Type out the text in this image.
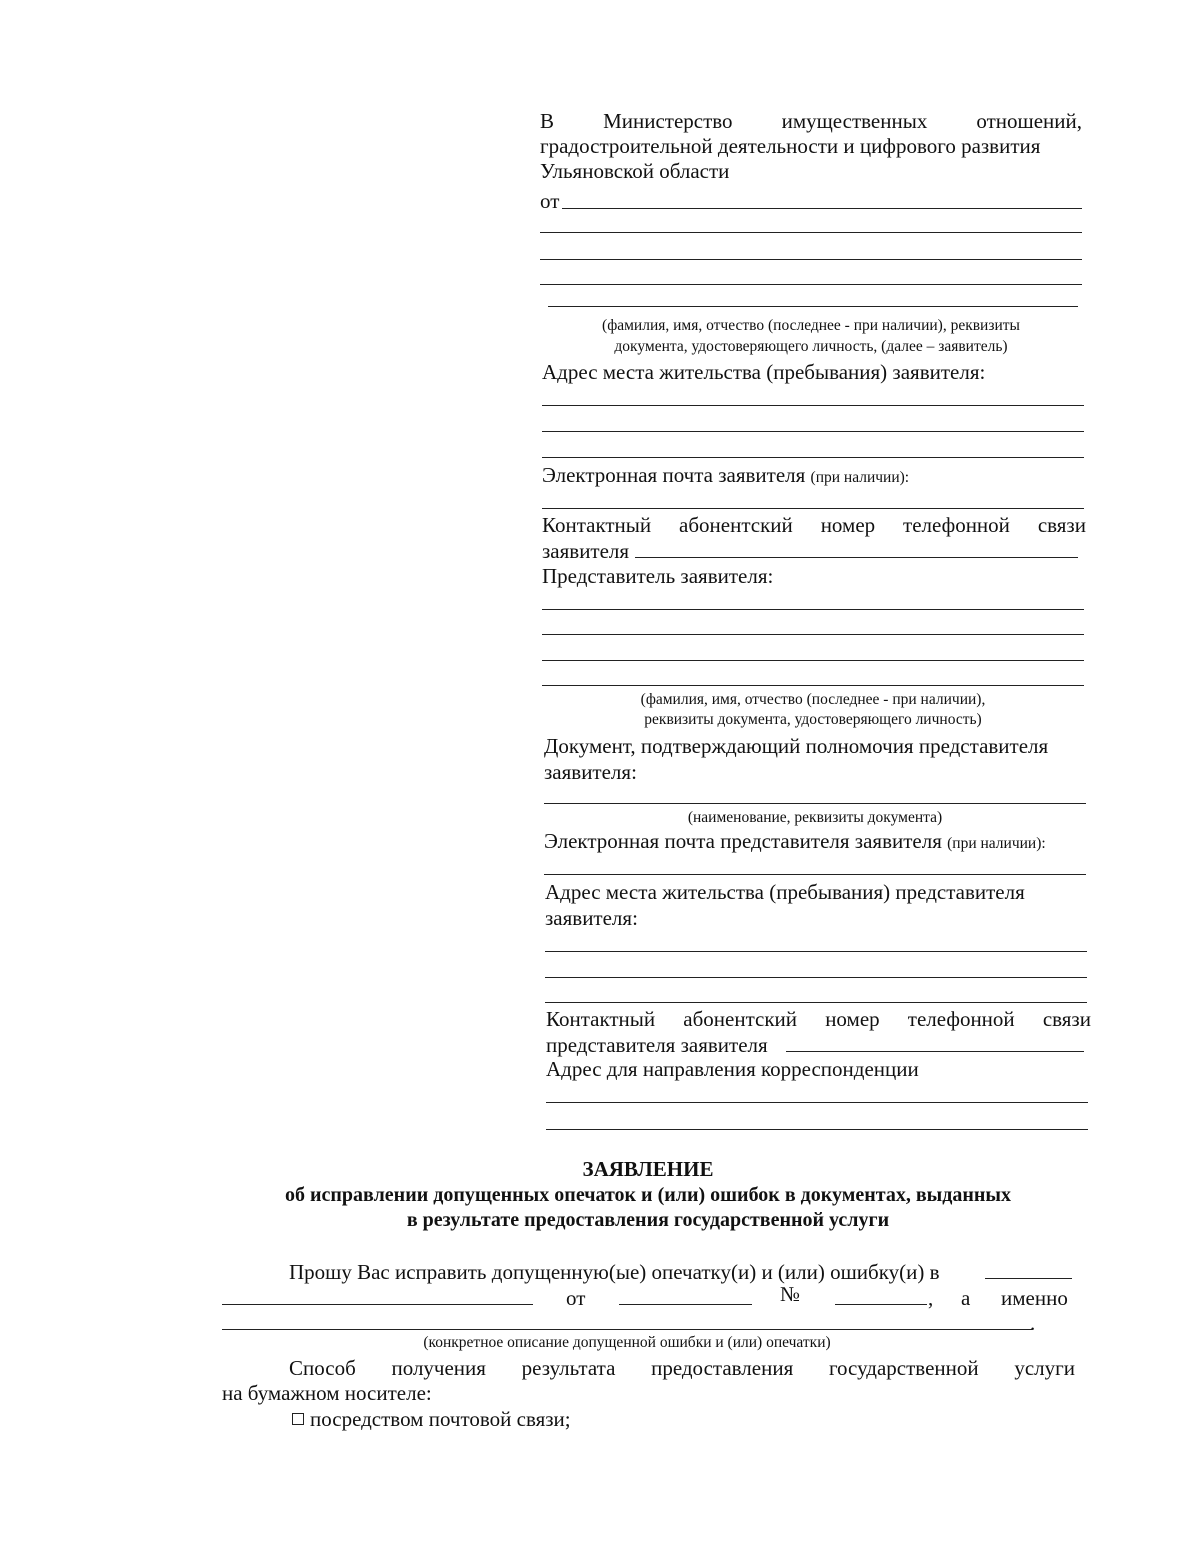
В Министерство имущественных отношений,
градостроительной деятельности и цифрового развития
Ульяновской области
от
(фамилия, имя, отчество (последнее - при наличии), реквизиты
документа, удостоверяющего личность, (далее – заявитель)
Адрес места жительства (пребывания) заявителя:
Электронная почта заявителя (при наличии):
Контактный абонентский номер телефонной связи
заявителя
Представитель заявителя:
(фамилия, имя, отчество (последнее - при наличии),
реквизиты документа, удостоверяющего личность)
Документ, подтверждающий полномочия представителя
заявителя:
(наименование, реквизиты документа)
Электронная почта представителя заявителя (при наличии):
Адрес места жительства (пребывания) представителя
заявителя:
Контактный абонентский номер телефонной связи
представителя заявителя
Адрес для направления корреспонденции
ЗАЯВЛЕНИЕ
об исправлении допущенных опечаток и (или) ошибок в документах, выданных
в результате предоставления государственной услуги
Прошу Вас исправить допущенную(ые) опечатку(и) и (или) ошибку(и) в
от	№	, а именно
.
(конкретное описание допущенной ошибки и (или) опечатки)
Способ получения результата предоставления государственной услуги
на бумажном носителе:
посредством почтовой связи;
